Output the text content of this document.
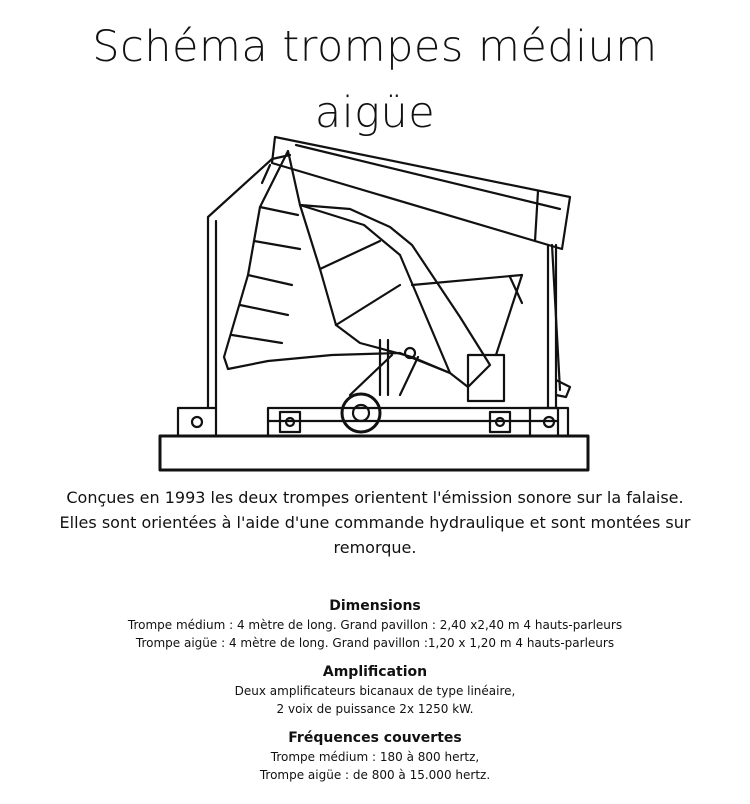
Schéma trompes médium
aigüe
Conçues en 1993 les deux trompes orientent l'émission sonore sur la falaise.
Elles sont orientées à l'aide d'une commande hydraulique et sont montées sur
remorque.
Dimensions
Trompe médium : 4 mètre de long. Grand pavillon : 2,40 x2,40 m 4 hauts-parleurs
Trompe aigüe : 4 mètre de long. Grand pavillon :1,20 x 1,20 m 4 hauts-parleurs
Amplification
Deux amplificateurs bicanaux de type linéaire,
2 voix de puissance 2x 1250 kW.
Fréquences couvertes
Trompe médium : 180 à 800 hertz,
Trompe aigüe : de 800 à 15.000 hertz.
